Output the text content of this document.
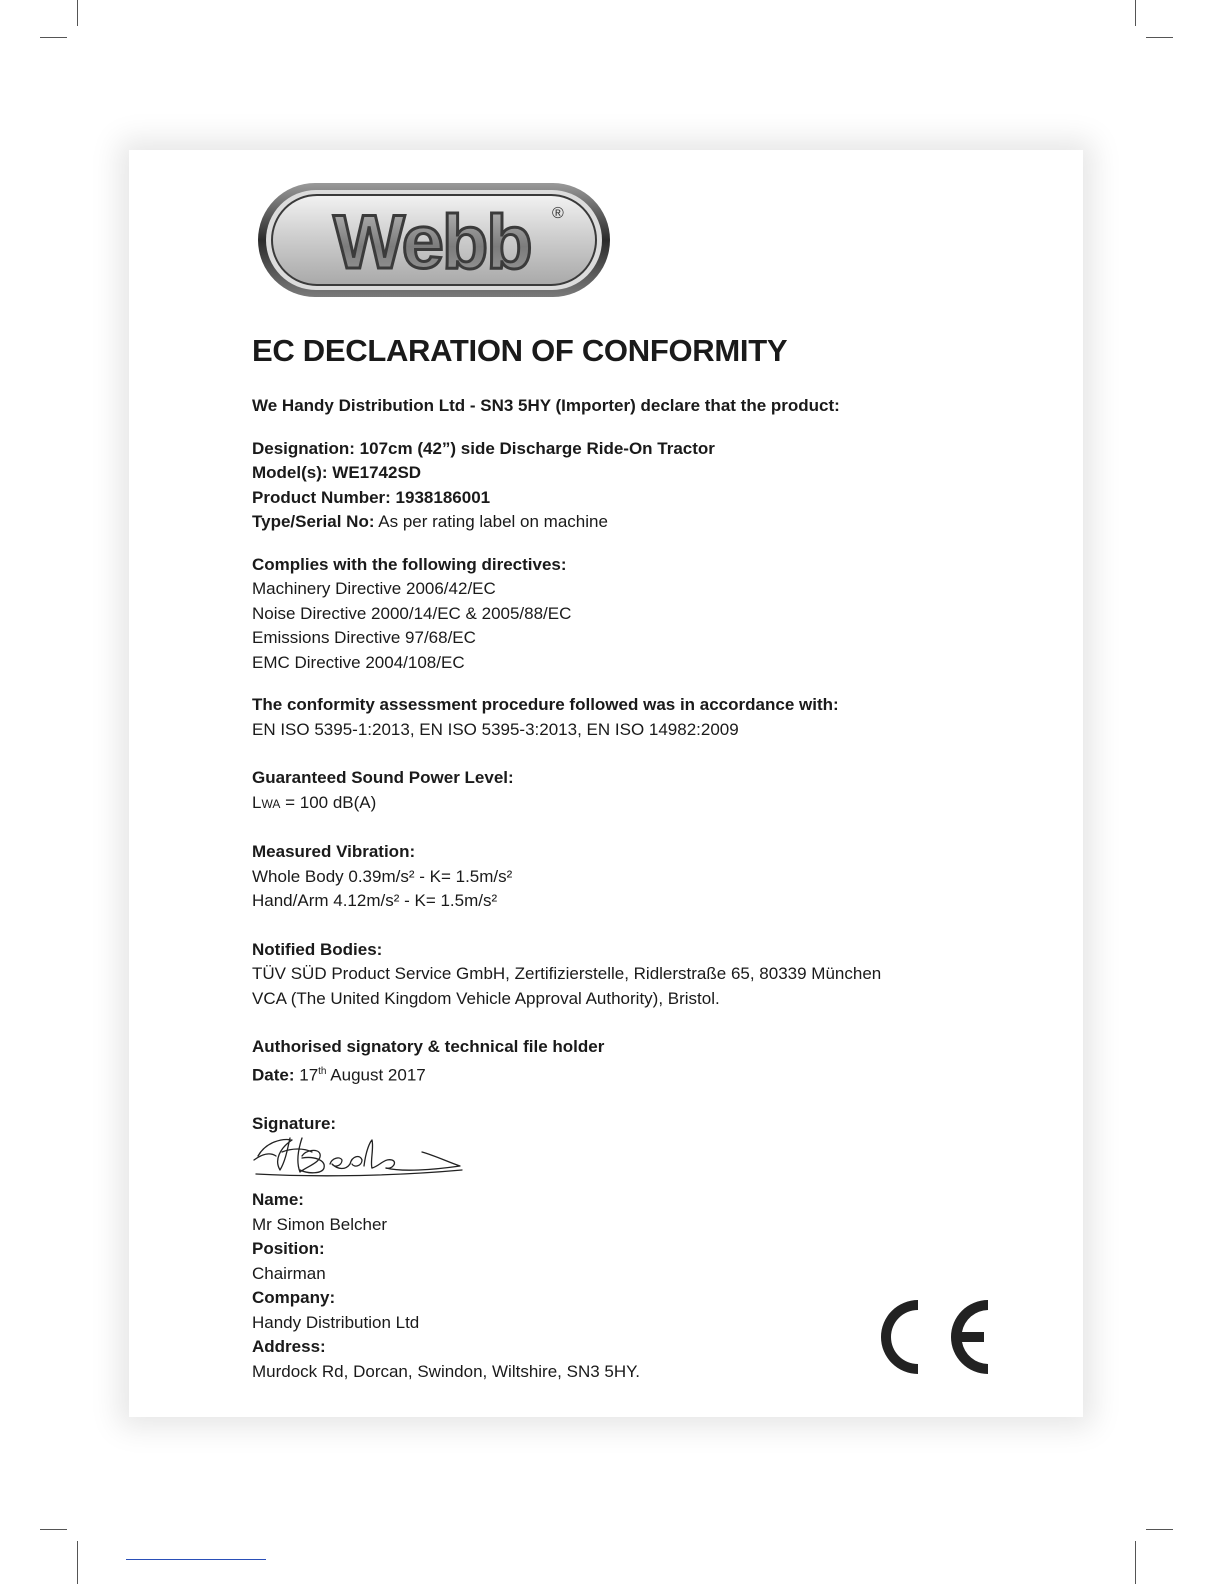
Webb ®
EC DECLARATION OF CONFORMITY
We Handy Distribution Ltd - SN3 5HY (Importer) declare that the product:
Designation: 107cm (42”) side Discharge Ride-On Tractor
Model(s): WE1742SD
Product Number: 1938186001
Type/Serial No: As per rating label on machine
Complies with the following directives:
Machinery Directive 2006/42/EC
Noise Directive 2000/14/EC & 2005/88/EC
Emissions Directive 97/68/EC
EMC Directive 2004/108/EC
The conformity assessment procedure followed was in accordance with:
EN ISO 5395-1:2013, EN ISO 5395-3:2013, EN ISO 14982:2009
Guaranteed Sound Power Level:
LWA = 100 dB(A)
Measured Vibration:
Whole Body 0.39m/s² - K= 1.5m/s²
Hand/Arm 4.12m/s² - K= 1.5m/s²
Notified Bodies:
TÜV SÜD Product Service GmbH, Zertifizierstelle, Ridlerstraße 65, 80339 München
VCA (The United Kingdom Vehicle Approval Authority), Bristol.
Authorised signatory & technical file holder
Date: 17th August 2017
Signature:
Name:
Mr Simon Belcher
Position:
Chairman
Company:
Handy Distribution Ltd
Address:
Murdock Rd, Dorcan, Swindon, Wiltshire, SN3 5HY.
